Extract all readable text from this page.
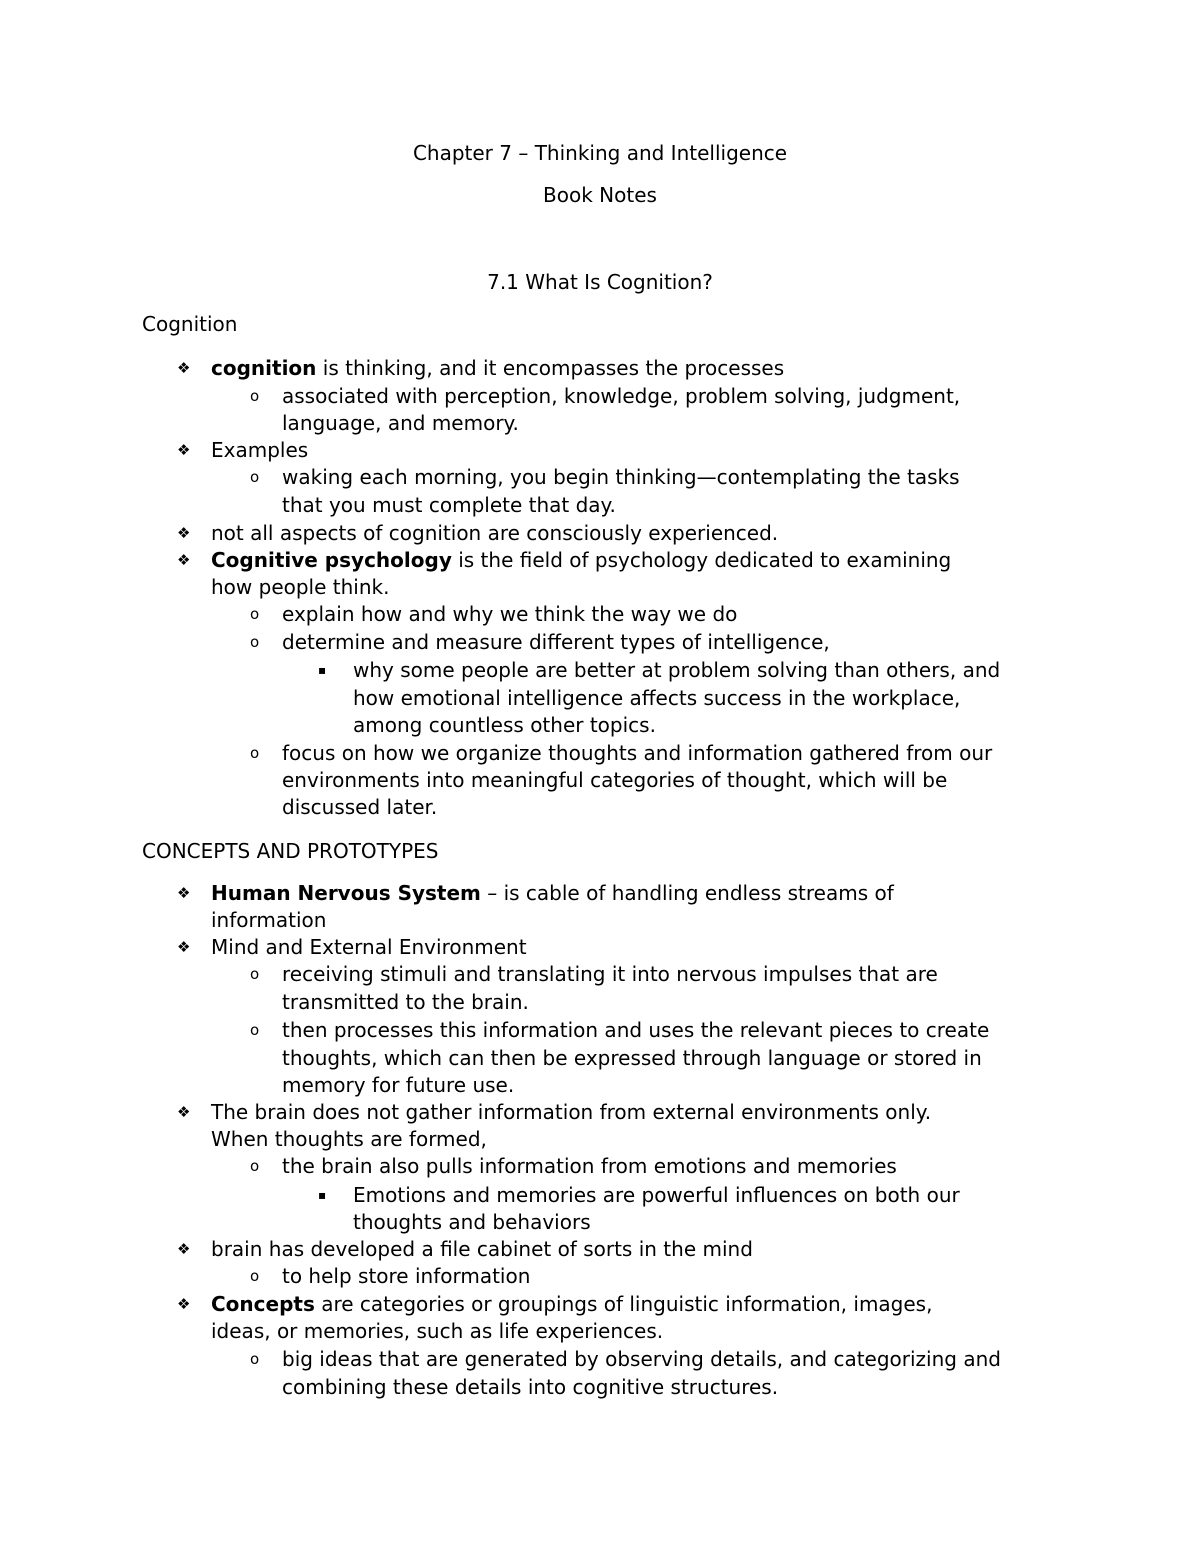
Chapter 7 – Thinking and Intelligence
Book Notes
7.1 What Is Cognition?
Cognition
❖ cognition is thinking, and it encompasses the processes
o associated with perception, knowledge, problem solving, judgment,
language, and memory.
❖ Examples
o waking each morning, you begin thinking—contemplating the tasks
that you must complete that day.
❖ not all aspects of cognition are consciously experienced.
❖ Cognitive psychology is the field of psychology dedicated to examining
how people think.
o explain how and why we think the way we do
o determine and measure different types of intelligence,
▪ why some people are better at problem solving than others, and
how emotional intelligence affects success in the workplace,
among countless other topics.
o focus on how we organize thoughts and information gathered from our
environments into meaningful categories of thought, which will be
discussed later.
CONCEPTS AND PROTOTYPES
❖ Human Nervous System – is cable of handling endless streams of
information
❖ Mind and External Environment
o receiving stimuli and translating it into nervous impulses that are
transmitted to the brain.
o then processes this information and uses the relevant pieces to create
thoughts, which can then be expressed through language or stored in
memory for future use.
❖ The brain does not gather information from external environments only.
When thoughts are formed,
o the brain also pulls information from emotions and memories
▪ Emotions and memories are powerful influences on both our
thoughts and behaviors
❖ brain has developed a file cabinet of sorts in the mind
o to help store information
❖ Concepts are categories or groupings of linguistic information, images,
ideas, or memories, such as life experiences.
o big ideas that are generated by observing details, and categorizing and
combining these details into cognitive structures.
